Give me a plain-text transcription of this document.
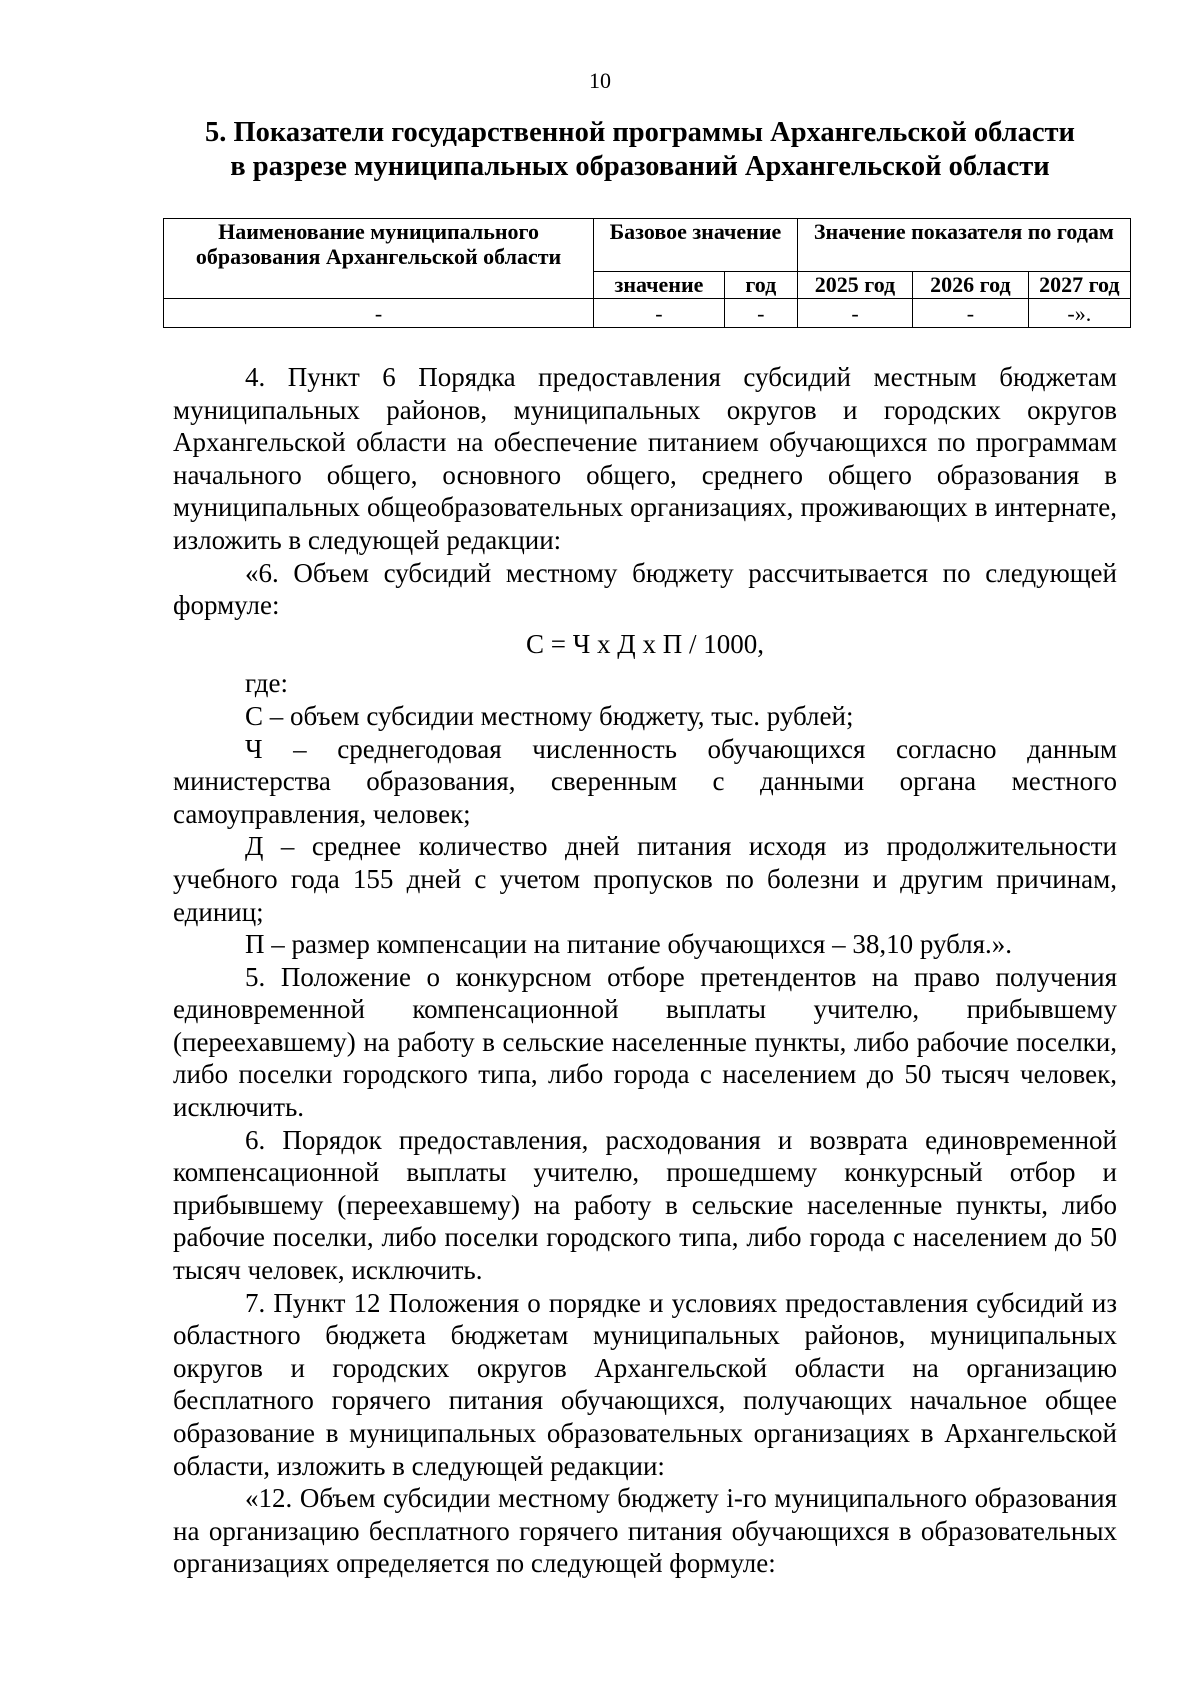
10
5. Показатели государственной программы Архангельской области
в разрезе муниципальных образований Архангельской области
Наименование муниципального образования Архангельской области	Базовое значение		Значение показателя по годам		
	значение	год	2025 год	2026 год	2027 год
-	-	-	-	-	-».

4. Пункт 6 Порядка предоставления субсидий местным бюджетам муниципальных районов, муниципальных округов и городских округов Архангельской области на обеспечение питанием обучающихся по программам начального общего, основного общего, среднего общего образования в муниципальных общеобразовательных организациях, проживающих в интернате, изложить в следующей редакции:

«6. Объем субсидий местному бюджету рассчитывается по следующей формуле:

С = Ч х Д х П / 1000,

где:

С – объем субсидии местному бюджету, тыс. рублей;

Ч – среднегодовая численность обучающихся согласно данным министерства образования, сверенным с данными органа местного самоуправления, человек;

Д – среднее количество дней питания исходя из продолжительности учебного года 155 дней с учетом пропусков по болезни и другим причинам, единиц;

П – размер компенсации на питание обучающихся – 38,10 рубля.».

5. Положение о конкурсном отборе претендентов на право получения единовременной компенсационной выплаты учителю, прибывшему (переехавшему) на работу в сельские населенные пункты, либо рабочие поселки, либо поселки городского типа, либо города с населением до 50 тысяч человек, исключить.

6. Порядок предоставления, расходования и возврата единовременной компенсационной выплаты учителю, прошедшему конкурсный отбор и прибывшему (переехавшему) на работу в сельские населенные пункты, либо рабочие поселки, либо поселки городского типа, либо города с населением до 50 тысяч человек, исключить.

7. Пункт 12 Положения о порядке и условиях предоставления субсидий из областного бюджета бюджетам муниципальных районов, муниципальных округов и городских округов Архангельской области на организацию бесплатного горячего питания обучающихся, получающих начальное общее образование в муниципальных образовательных организациях в Архангельской области, изложить в следующей редакции:

«12. Объем субсидии местному бюджету i-го муниципального образования на организацию бесплатного горячего питания обучающихся в образовательных организациях определяется по следующей формуле:
